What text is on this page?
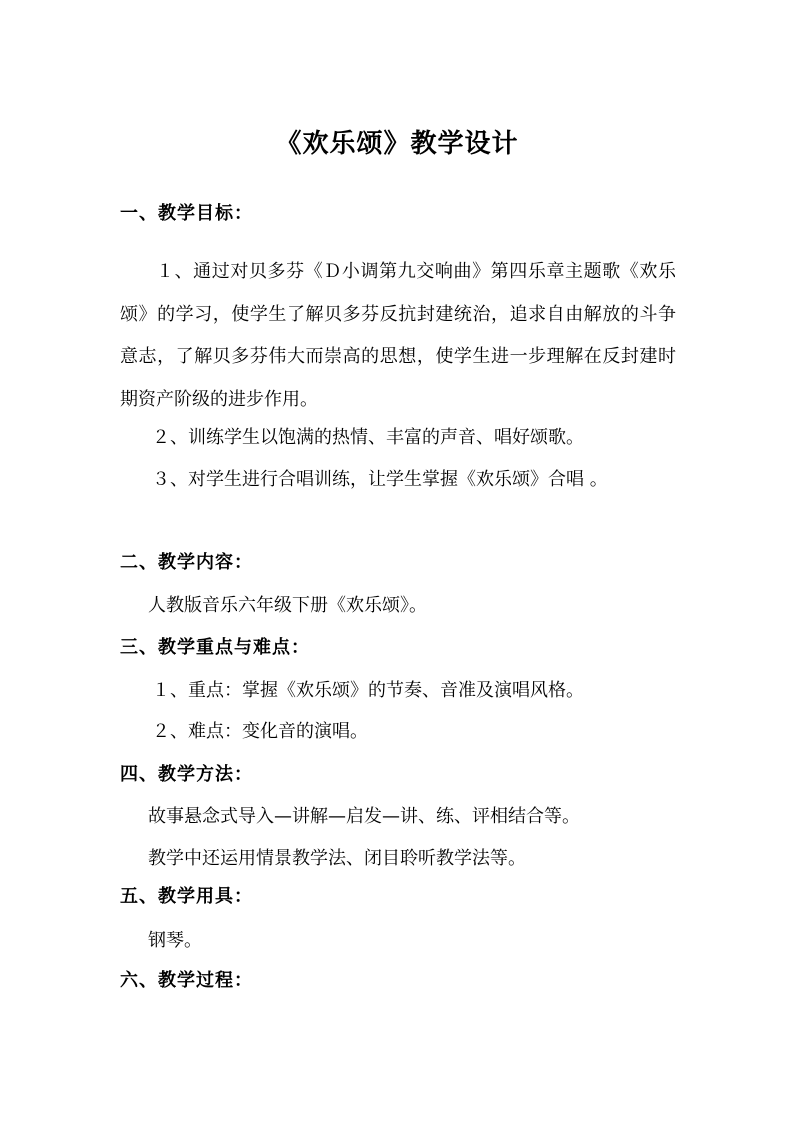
《欢乐颂》教学设计
一、教学目标：
１、通过对贝多芬《Ｄ小调第九交响曲》第四乐章主题歌《欢乐颂》的学习，使学生了解贝多芬反抗封建统治，追求自由解放的斗争意志，了解贝多芬伟大而崇高的思想，使学生进一步理解在反封建时期资产阶级的进步作用。
２、训练学生以饱满的热情、丰富的声音、唱好颂歌。
３、对学生进行合唱训练，让学生掌握《欢乐颂》合唱 。
二、教学内容：
人教版音乐六年级下册《欢乐颂》。
三、教学重点与难点：
１、重点：掌握《欢乐颂》的节奏、音准及演唱风格。
２、难点：变化音的演唱。
四、教学方法：
故事悬念式导入—讲解—启发—讲、练、评相结合等。
教学中还运用情景教学法、闭目聆听教学法等。
五、教学用具：
钢琴。
六、教学过程：
